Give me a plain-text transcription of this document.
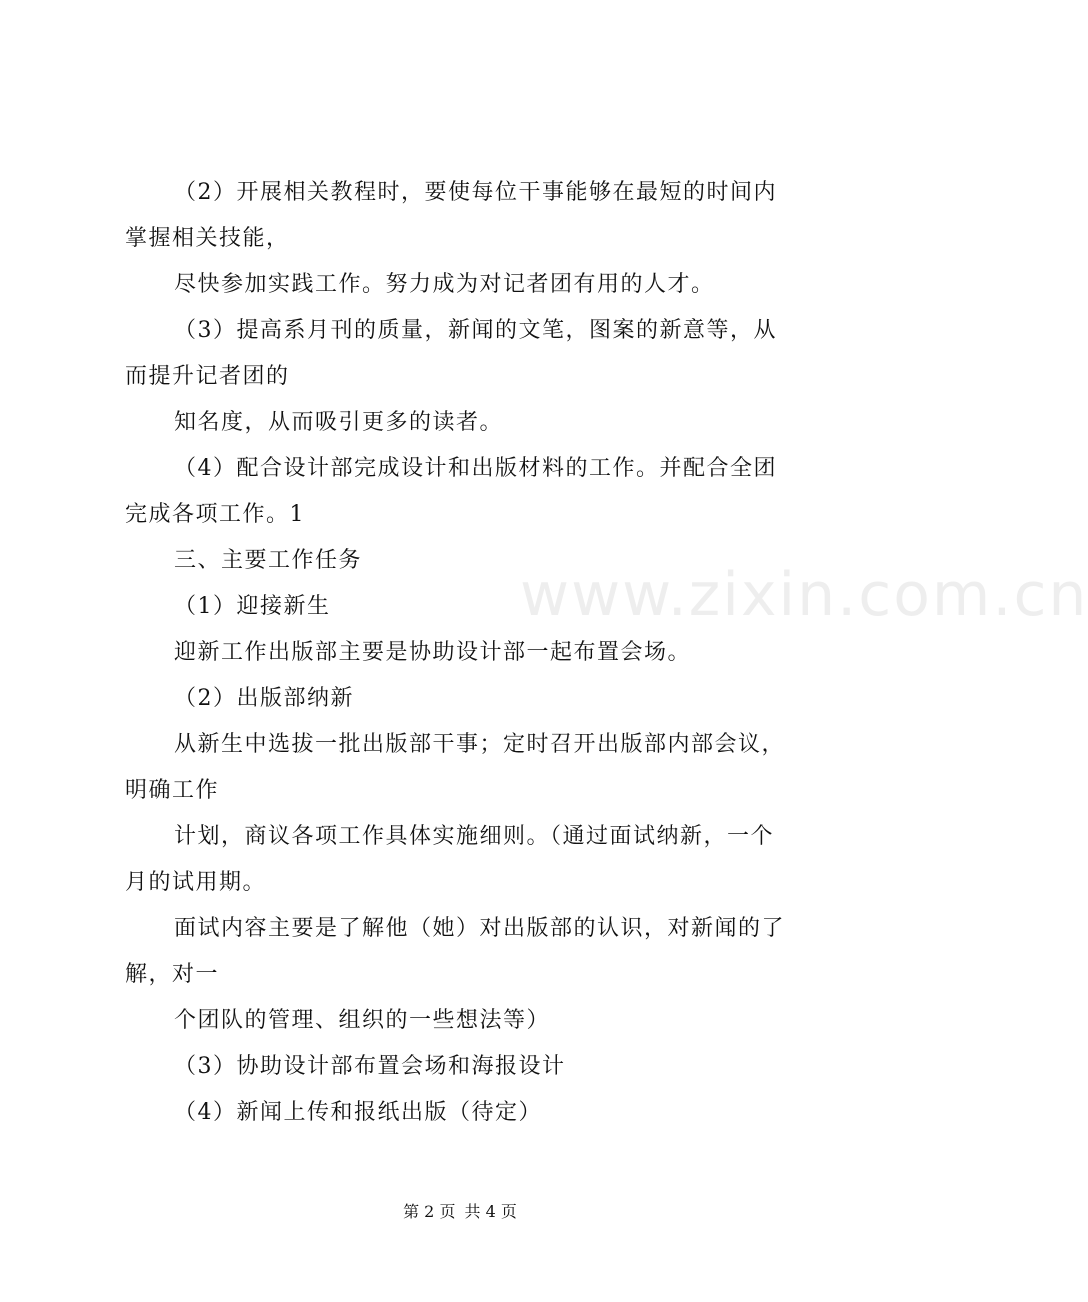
（2）开展相关教程时，要使每位干事能够在最短的时间内
掌握相关技能，
尽快参加实践工作。努力成为对记者团有用的人才。
（3）提高系月刊的质量，新闻的文笔，图案的新意等，从
而提升记者团的
知名度，从而吸引更多的读者。
（4）配合设计部完成设计和出版材料的工作。并配合全团
完成各项工作。1
三、主要工作任务
（1）迎接新生
迎新工作出版部主要是协助设计部一起布置会场。
（2）出版部纳新
从新生中选拔一批出版部干事；定时召开出版部内部会议，
明确工作
计划，商议各项工作具体实施细则。（通过面试纳新，一个
月的试用期。
面试内容主要是了解他（她）对出版部的认识，对新闻的了
解，对一
个团队的管理、组织的一些想法等）
（3）协助设计部布置会场和海报设计
（4）新闻上传和报纸出版（待定）
www.zixin.com.cn
第 2 页 共 4 页
